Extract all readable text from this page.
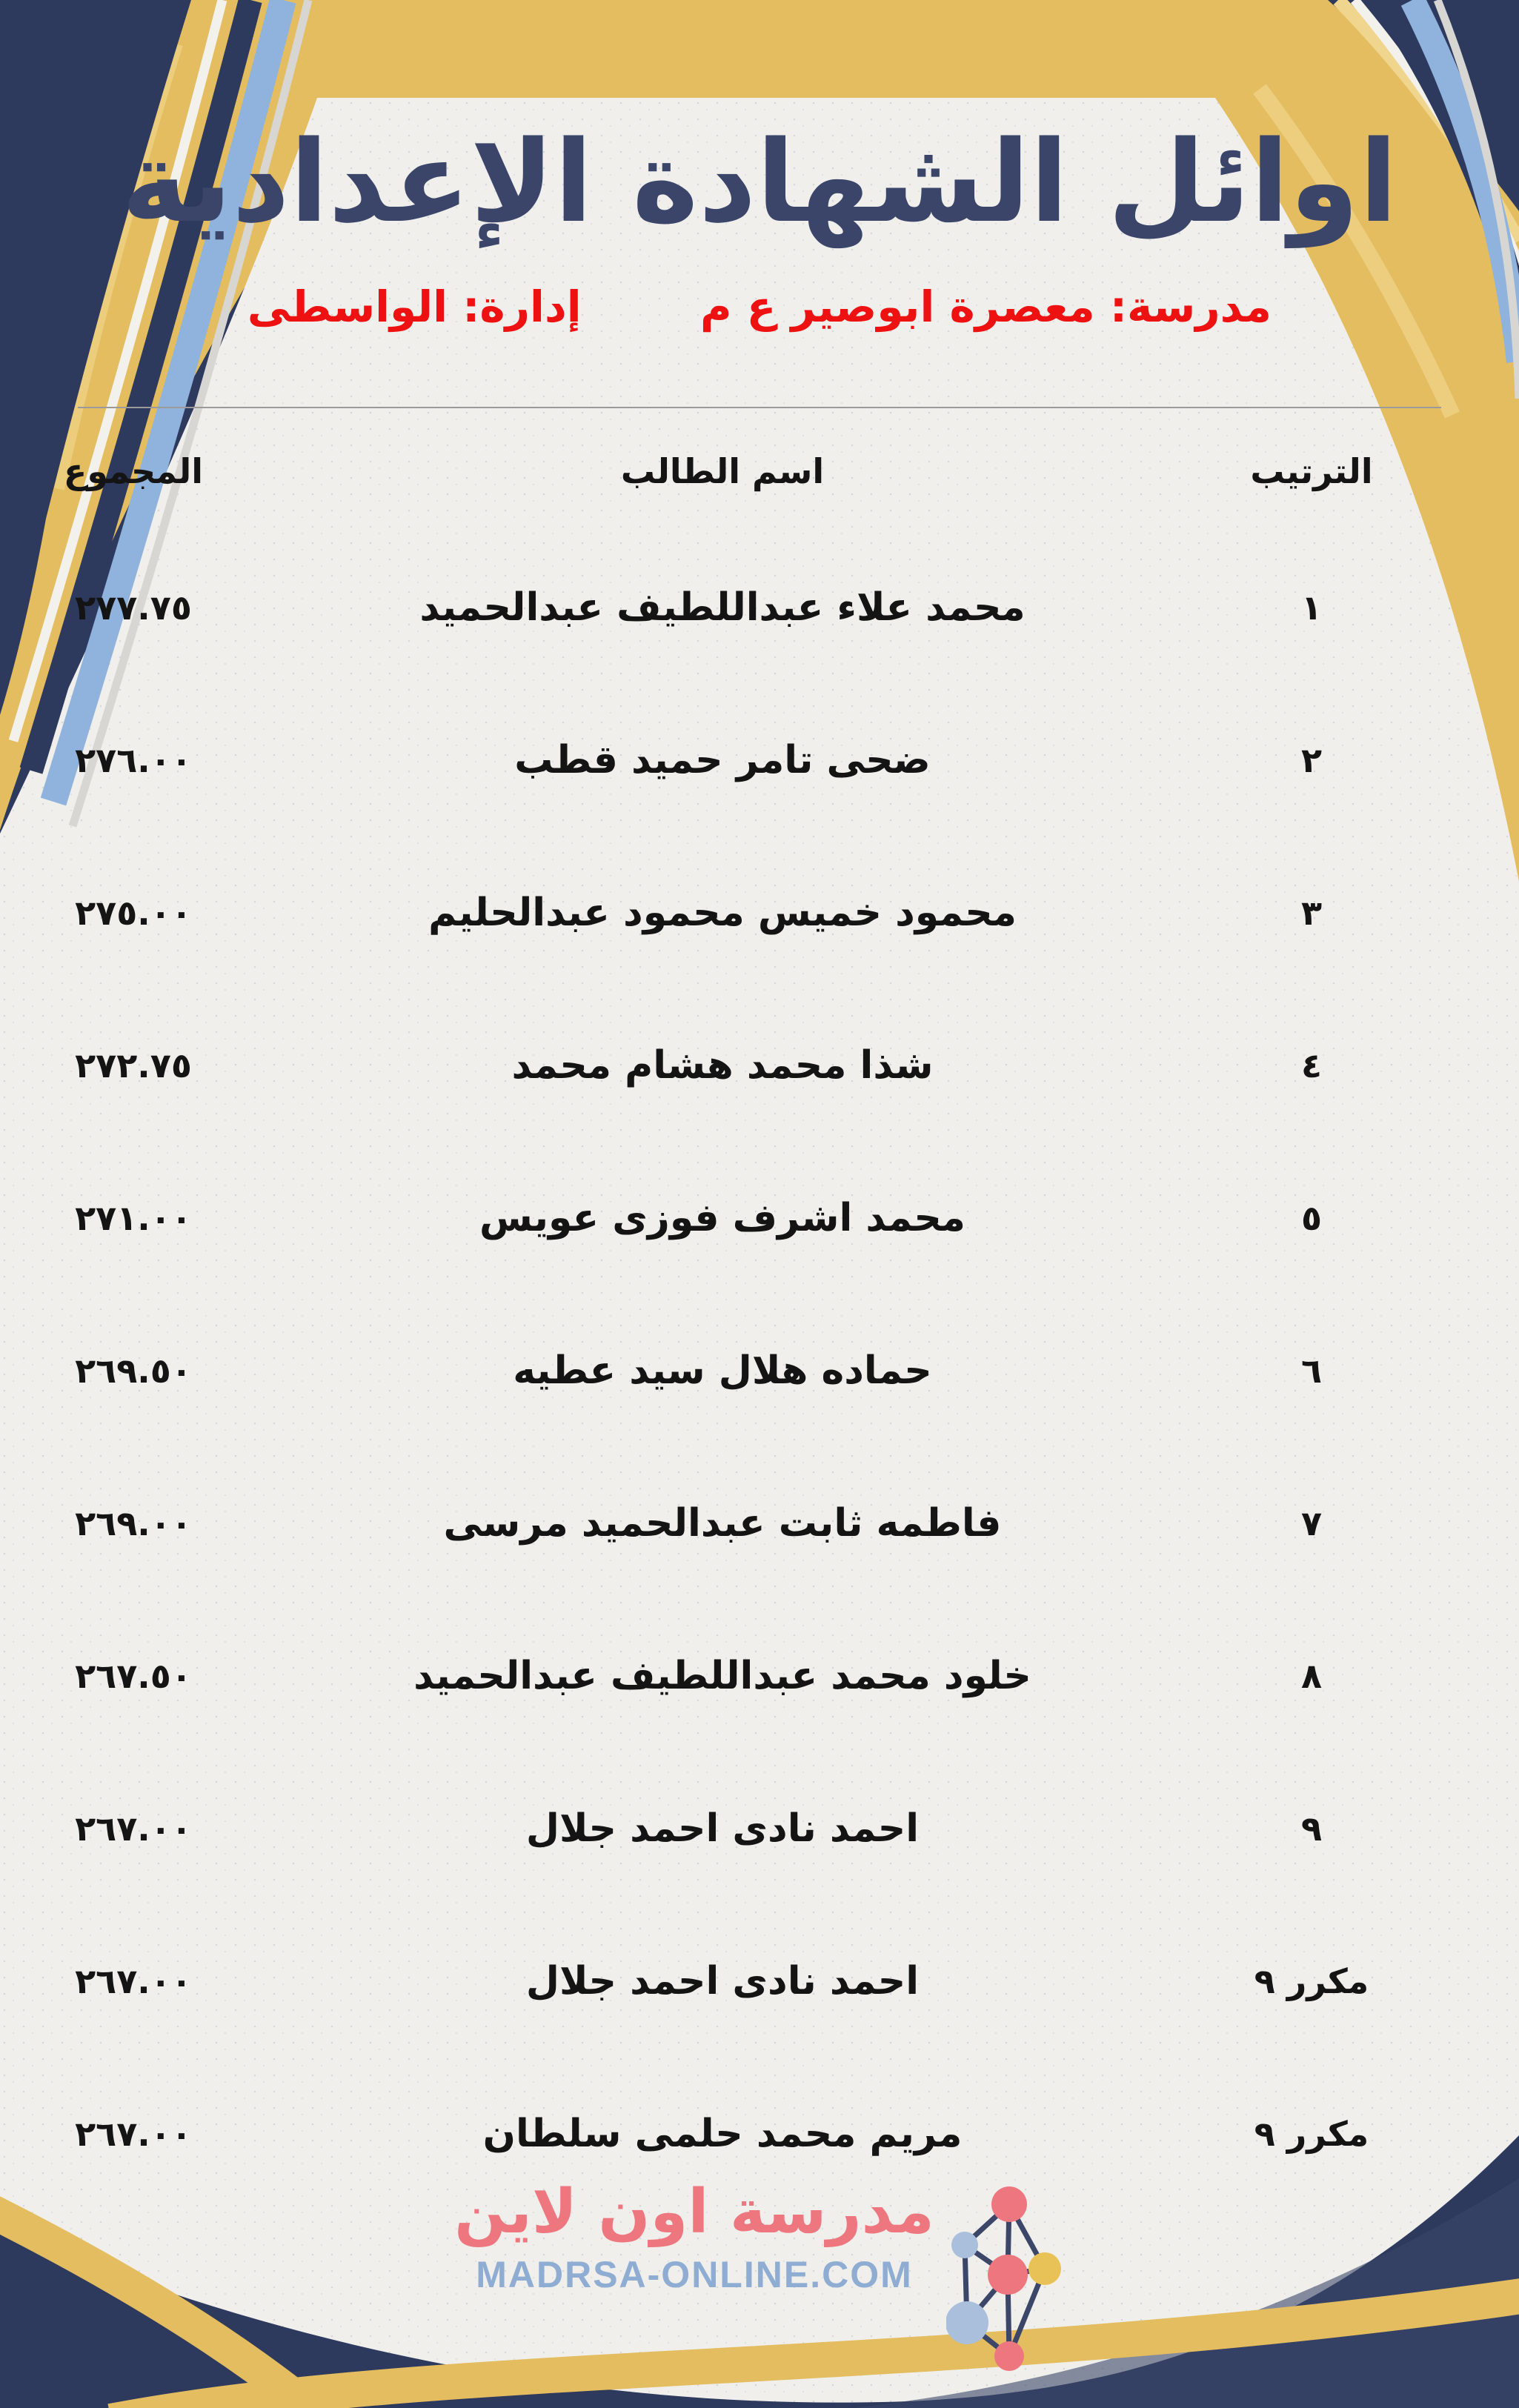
اوائل الشهادة الإعدادية
مدرسة: معصرة ابوصير ع م  إدارة: الواسطى
الترتيب
اسم الطالب
المجموع
١
محمد علاء عبداللطيف عبدالحميد
٢٧٧.٧٥
٢
ضحى تامر حميد قطب
٢٧٦.٠٠
٣
محمود خميس محمود عبدالحليم
٢٧٥.٠٠
٤
شذا محمد هشام محمد
٢٧٢.٧٥
٥
محمد اشرف فوزى عويس
٢٧١.٠٠
٦
حماده هلال سيد عطيه
٢٦٩.٥٠
٧
فاطمه ثابت عبدالحميد مرسى
٢٦٩.٠٠
٨
خلود محمد عبداللطيف عبدالحميد
٢٦٧.٥٠
٩
احمد نادى احمد جلال
٢٦٧.٠٠
مكرر ٩
احمد نادى احمد جلال
٢٦٧.٠٠
مكرر ٩
مريم محمد حلمى سلطان
٢٦٧.٠٠
مدرسة اون لاين
MADRSA-ONLINE.COM
